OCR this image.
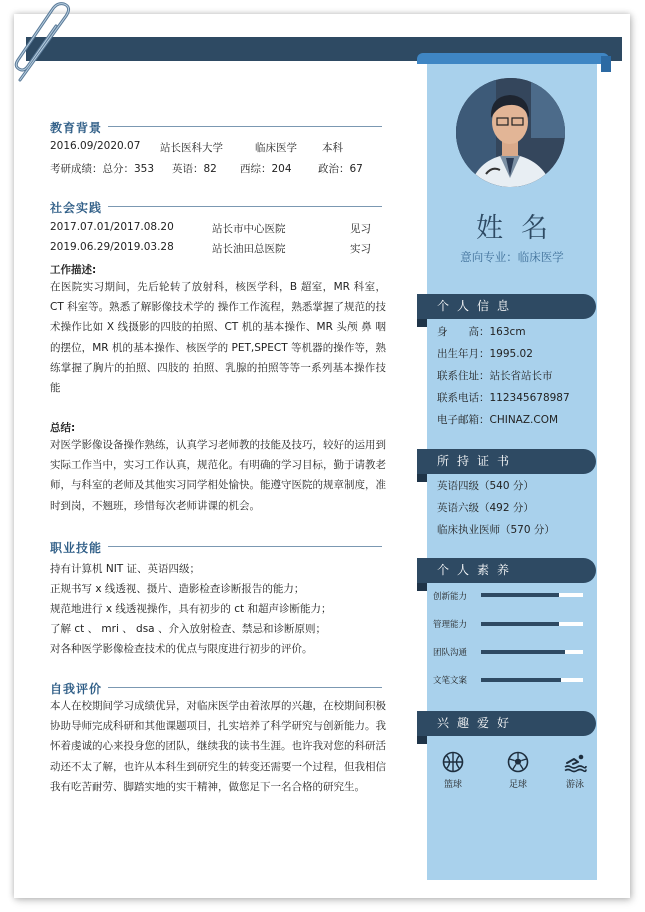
教育背景
2016.09/2020.07 站长医科大学	临床医学 本科
考研成绩：总分：353 英语：82 西综：204	政治：67
社会实践
2017.07.01/2017.08.20	站长市中心医院	见习
2019.06.29/2019.03.28	站长油田总医院	实习
工作描述:
在医院实习期间，先后轮转了放射科，核医学科，B 超室，MR 科室，CT 科室等。熟悉了解影像技术学的 操作工作流程，熟悉掌握了规范的技术操作比如 X 线摄影的四肢的拍照、CT 机的基本操作、MR 头颅 鼻 咽的摆位，MR 机的基本操作、核医学的 PET,SPECT 等机器的操作等，熟练掌握了胸片的拍照、四肢的 拍照、乳腺的拍照等等一系列基本操作技能
总结:
对医学影像设备操作熟练，认真学习老师教的技能及技巧，较好的运用到实际工作当中，实习工作认真，规范化。有明确的学习目标，勤于请教老师，与科室的老师及其他实习同学相处愉快。能遵守医院的规章制度，准时到岗，不翘班，珍惜每次老师讲课的机会。
职业技能
持有计算机 NIT 证、英语四级；
正规书写 x 线透视、摄片、造影检查诊断报告的能力；
规范地进行 x 线透视操作，具有初步的 ct 和超声诊断能力；
了解 ct 、 mri 、 dsa 、介入放射检查、禁忌和诊断原则；
对各种医学影像检查技术的优点与限度进行初步的评价。
自我评价
本人在校期间学习成绩优异，对临床医学由着浓厚的兴趣，在校期间积极协助导师完成科研和其他课题项目，扎实培养了科学研究与创新能力。我怀着虔诚的心来投身您的团队，继续我的读书生涯。也许我对您的科研活动还不太了解，也许从本科生到研究生的转变还需要一个过程，但我相信我有吃苦耐劳、脚踏实地的实干精神，做您足下一名合格的研究生。
姓名
意向专业：临床医学
个人信息
身　　高：163cm
出生年月：1995.02
联系住址：站长省站长市
联系电话：112345678987
电子邮箱：CHINAZ.COM
所持证书
英语四级（540 分）
英语六级（492 分）
临床执业医师（570 分）
个人素养
创新能力
管理能力
团队沟通
文笔文案
兴趣爱好
篮球	足球	游泳
